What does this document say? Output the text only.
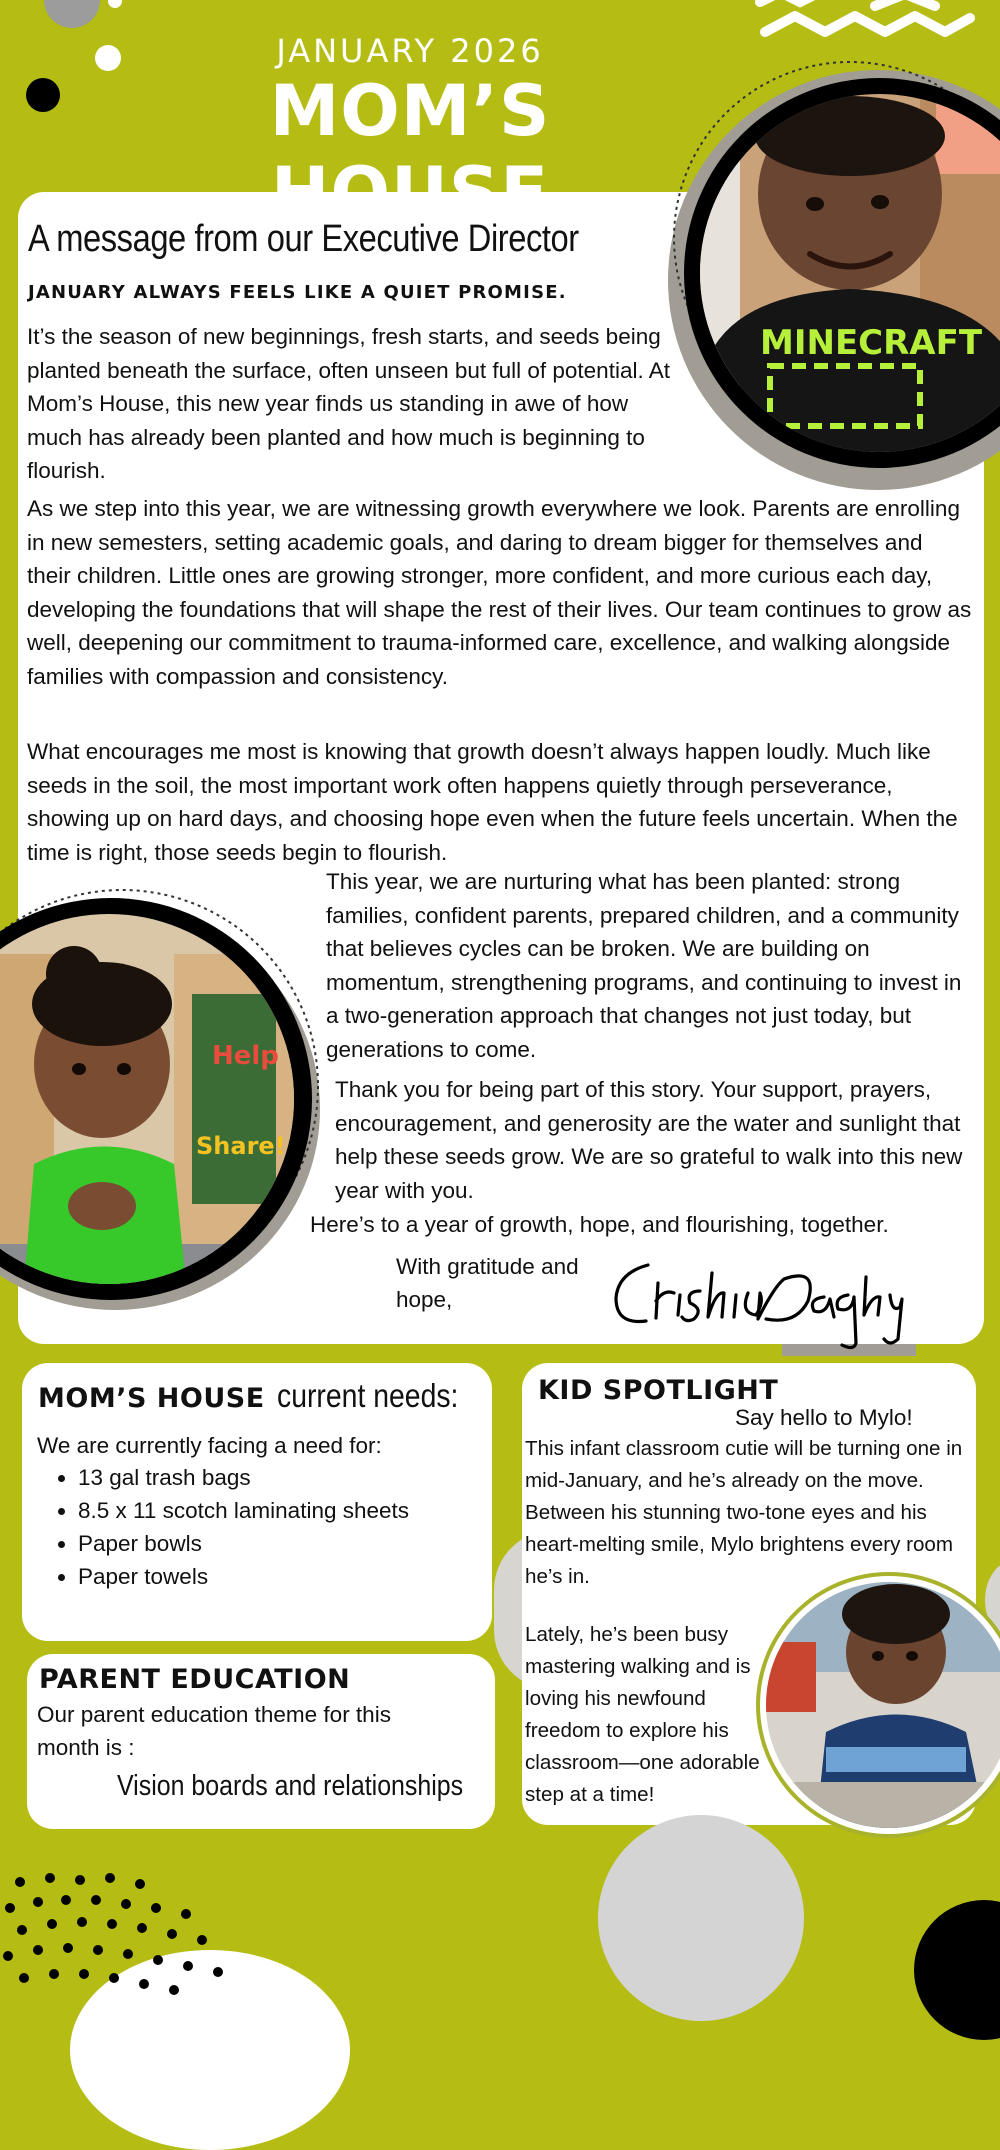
JANUARY 2026
MOM’S
MINECRAFT
A message from our Executive Director
JANUARY ALWAYS FEELS LIKE A QUIET PROMISE.

It’s the season of new beginnings, fresh starts, and seeds being planted beneath the surface, often unseen but full of potential. At Mom’s House, this new year finds us standing in awe of how much has already been planted and how much is beginning to flourish.

As we step into this year, we are witnessing growth everywhere we look. Parents are enrolling in new semesters, setting academic goals, and daring to dream bigger for themselves and their children. Little ones are growing stronger, more confident, and more curious each day, developing the foundations that will shape the rest of their lives. Our team continues to grow as well, deepening our commitment to trauma-informed care, excellence, and walking alongside families with compassion and consistency.

What encourages me most is knowing that growth doesn’t always happen loudly. Much like seeds in the soil, the most important work often happens quietly through perseverance, showing up on hard days, and choosing hope even when the future feels uncertain. When the time is right, those seeds begin to flourish.

Help
Share!

This year, we are nurturing what has been planted: strong families, confident parents, prepared children, and a community that believes cycles can be broken. We are building on momentum, strengthening programs, and continuing to invest in a two-generation approach that changes not just today, but generations to come.

Thank you for being part of this story. Your support, prayers, encouragement, and generosity are the water and sunlight that help these seeds grow. We are so grateful to walk into this new year with you.

Here’s to a year of growth, hope, and flourishing, together.

With gratitude and hope,
MOM’S HOUSE current needs:
We are currently facing a need for:
• 13 gal trash bags
• 8.5 x 11 scotch laminating sheets
• Paper bowls
• Paper towels
PARENT EDUCATION
Our parent education theme for this month is :
Vision boards and relationships
KID SPOTLIGHT
Say hello to Mylo!
This infant classroom cutie will be turning one in mid-January, and he’s already on the move. Between his stunning two-tone eyes and his heart-melting smile, Mylo brightens every room he’s in.
Lately, he’s been busy mastering walking and is loving his newfound freedom to explore his classroom—one adorable step at a time!
